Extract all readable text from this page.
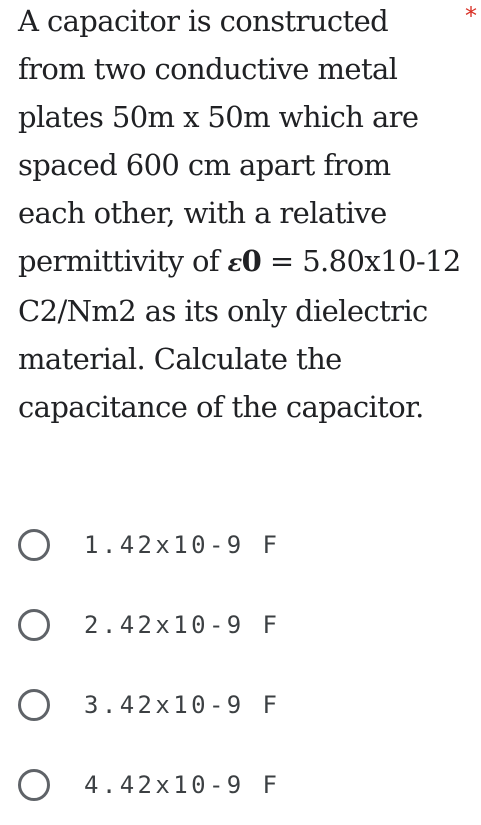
A capacitor is constructed from two conductive metal plates 50m x 50m which are spaced 600 cm apart from each other, with a relative permittivity of ε0 = 5.80x10-12 C2/Nm2 as its only dielectric material. Calculate the capacitance of the capacitor.
*
1.42x10-9 F
2.42x10-9 F
3.42x10-9 F
4.42x10-9 F
